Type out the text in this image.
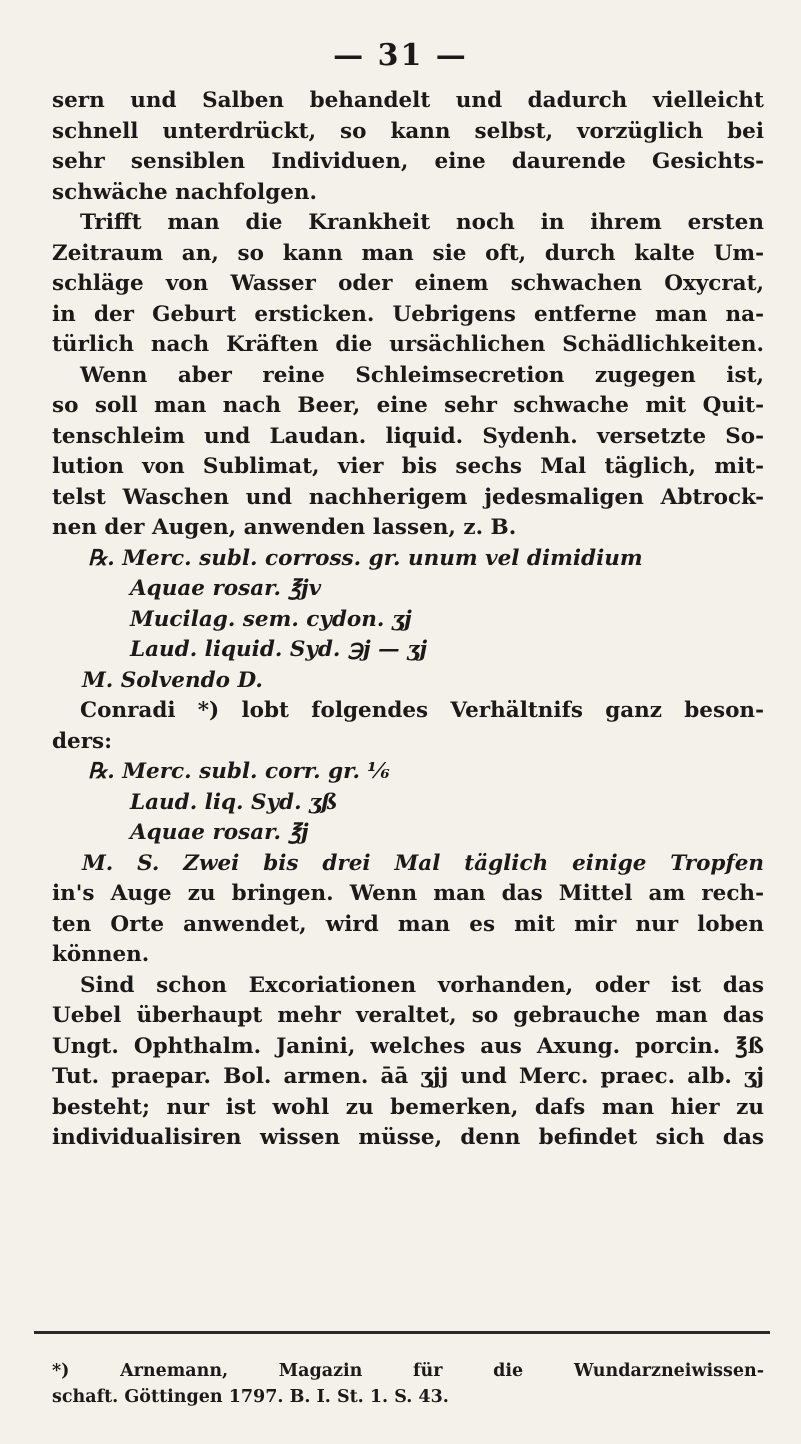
— 31 —
sern und Salben behandelt und dadurch vielleicht
schnell unterdrückt, so kann selbst, vorzüglich bei
sehr sensiblen Individuen, eine daurende Gesichts-
schwäche nachfolgen.
Trifft man die Krankheit noch in ihrem ersten
Zeitraum an, so kann man sie oft, durch kalte Um-
schläge von Wasser oder einem schwachen Oxycrat,
in der Geburt ersticken. Uebrigens entferne man na-
türlich nach Kräften die ursächlichen Schädlichkeiten.
Wenn aber reine Schleimsecretion zugegen ist,
so soll man nach Beer, eine sehr schwache mit Quit-
tenschleim und Laudan. liquid. Sydenh. versetzte So-
lution von Sublimat, vier bis sechs Mal täglich, mit-
telst Waschen und nachherigem jedesmaligen Abtrock-
nen der Augen, anwenden lassen, z. B.
℞. Merc. subl. corross. gr. unum vel dimidium
Aquae rosar. ℥jv
Mucilag. sem. cydon. ʒj
Laud. liquid. Syd. ℈j — ʒj
M. Solvendo D.
Conradi *) lobt folgendes Verhältnifs ganz beson-
ders:
℞. Merc. subl. corr. gr. ⅙
Laud. liq. Syd. ʒß
Aquae rosar. ℥j
M. S. Zwei bis drei Mal täglich einige Tropfen
in's Auge zu bringen. Wenn man das Mittel am rech-
ten Orte anwendet, wird man es mit mir nur loben
können.
Sind schon Excoriationen vorhanden, oder ist das
Uebel überhaupt mehr veraltet, so gebrauche man das
Ungt. Ophthalm. Janini, welches aus Axung. porcin. ℥ß
Tut. praepar. Bol. armen. āā ʒjj und Merc. praec. alb. ʒj
besteht; nur ist wohl zu bemerken, dafs man hier zu
individualisiren wissen müsse, denn befindet sich das
*) Arnemann, Magazin für die Wundarzneiwissen-
schaft. Göttingen 1797. B. I. St. 1. S. 43.
